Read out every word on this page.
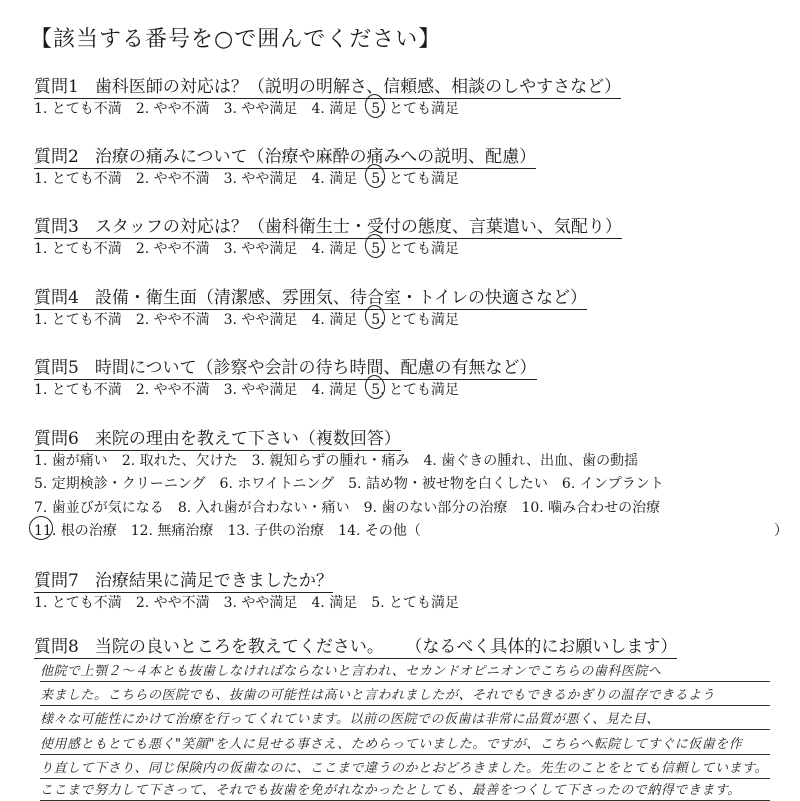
【該当する番号を○で囲んでください】
質問1 歯科医師の対応は？（説明の明解さ、信頼感、相談のしやすさなど）
1. とても不満 2. やや不満 3. やや満足 4. 満足 5. とても満足
質問2 治療の痛みについて（治療や麻酔の痛みへの説明、配慮）
1. とても不満 2. やや不満 3. やや満足 4. 満足 5. とても満足
質問3 スタッフの対応は？（歯科衛生士・受付の態度、言葉遣い、気配り）
1. とても不満 2. やや不満 3. やや満足 4. 満足 5. とても満足
質問4 設備・衛生面（清潔感、雰囲気、待合室・トイレの快適さなど）
1. とても不満 2. やや不満 3. やや満足 4. 満足 5. とても満足
質問5 時間について（診察や会計の待ち時間、配慮の有無など）
1. とても不満 2. やや不満 3. やや満足 4. 満足 5. とても満足
質問6 来院の理由を教えて下さい（複数回答）
1. 歯が痛い 2. 取れた、欠けた 3. 親知らずの腫れ・痛み 4. 歯ぐきの腫れ、出血、歯の動揺
5. 定期検診・クリーニング 6. ホワイトニング 5. 詰め物・被せ物を白くしたい 6. インプラント
7. 歯並びが気になる 8. 入れ歯が合わない・痛い 9. 歯のない部分の治療 10. 噛み合わせの治療
11. 根の治療 12. 無痛治療 13. 子供の治療 14. その他（	）
質問7 治療結果に満足できましたか？
1. とても不満 2. やや不満 3. やや満足 4. 満足 5. とても満足
質問8 当院の良いところを教えてください。 （なるべく具体的にお願いします）
他院で上顎２〜４本とも抜歯しなければならないと言われ、セカンドオピニオンでこちらの歯科医院へ
来ました。こちらの医院でも、抜歯の可能性は高いと言われましたが、それでもできるかぎりの温存できるよう
様々な可能性にかけて治療を行ってくれています。以前の医院での仮歯は非常に品質が悪く、見た目、
使用感ともとても悪く"笑顔"を人に見せる事さえ、ためらっていました。ですが、こちらへ転院してすぐに仮歯を作
り直して下さり、同じ保険内の仮歯なのに、ここまで違うのかとおどろきました。先生のことをとても信頼しています。
ここまで努力して下さって、それでも抜歯を免がれなかったとしても、最善をつくして下さったので納得できます。
